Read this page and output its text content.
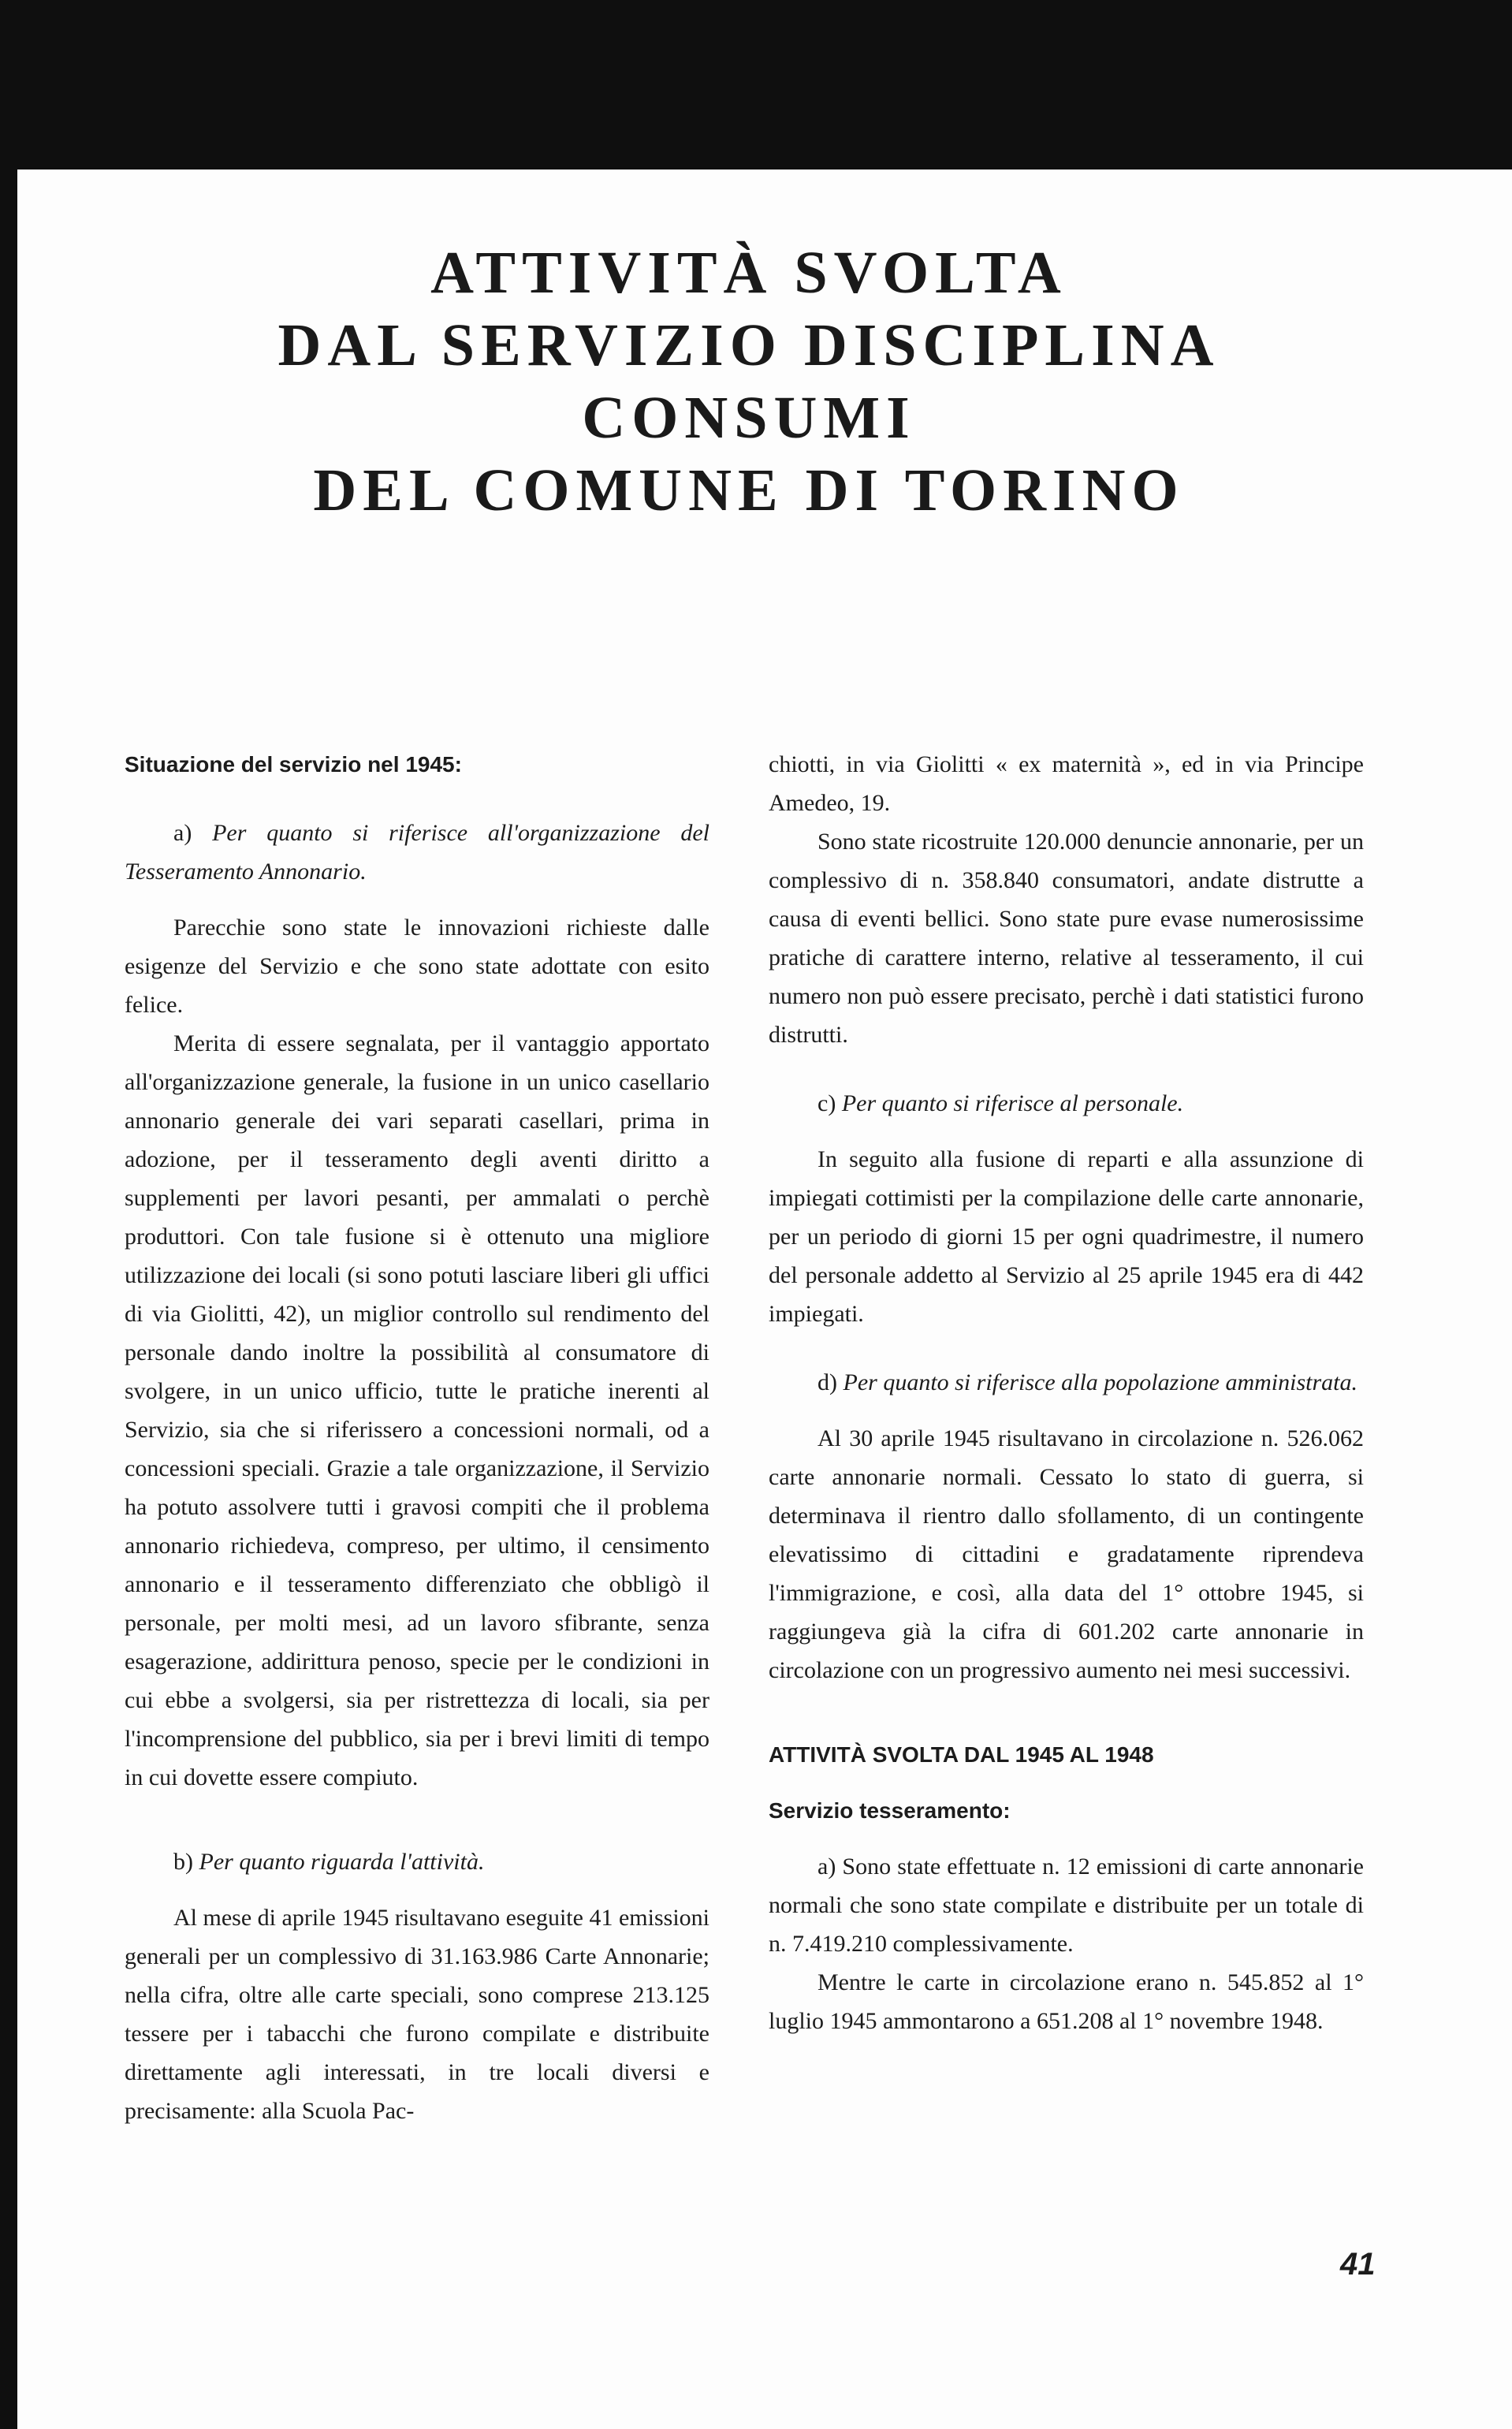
ATTIVITÀ SVOLTA
DAL SERVIZIO DISCIPLINA CONSUMI
DEL COMUNE DI TORINO

Situazione del servizio nel 1945:

a) Per quanto si riferisce all'organizzazione del Tesseramento Annonario.

Parecchie sono state le innovazioni richieste dalle esigenze del Servizio e che sono state adottate con esito felice.

Merita di essere segnalata, per il vantaggio apportato all'organizzazione generale, la fusione in un unico casellario annonario generale dei vari separati casellari, prima in adozione, per il tesseramento degli aventi diritto a supplementi per lavori pesanti, per ammalati o perchè produttori. Con tale fusione si è ottenuto una migliore utilizzazione dei locali (si sono potuti lasciare liberi gli uffici di via Giolitti, 42), un miglior controllo sul rendimento del personale dando inoltre la possibilità al consumatore di svolgere, in un unico ufficio, tutte le pratiche inerenti al Servizio, sia che si riferissero a concessioni normali, od a concessioni speciali. Grazie a tale organizzazione, il Servizio ha potuto assolvere tutti i gravosi compiti che il problema annonario richiedeva, compreso, per ultimo, il censimento annonario e il tesseramento differenziato che obbligò il personale, per molti mesi, ad un lavoro sfibrante, senza esagerazione, addirittura penoso, specie per le condizioni in cui ebbe a svolgersi, sia per ristrettezza di locali, sia per l'incomprensione del pubblico, sia per i brevi limiti di tempo in cui dovette essere compiuto.

b) Per quanto riguarda l'attività.

Al mese di aprile 1945 risultavano eseguite 41 emissioni generali per un complessivo di 31.163.986 Carte Annonarie; nella cifra, oltre alle carte speciali, sono comprese 213.125 tessere per i tabacchi che furono compilate e distribuite direttamente agli interessati, in tre locali diversi e precisamente: alla Scuola Pac-

chiotti, in via Giolitti « ex maternità », ed in via Principe Amedeo, 19.

Sono state ricostruite 120.000 denuncie annonarie, per un complessivo di n. 358.840 consumatori, andate distrutte a causa di eventi bellici. Sono state pure evase numerosissime pratiche di carattere interno, relative al tesseramento, il cui numero non può essere precisato, perchè i dati statistici furono distrutti.

c) Per quanto si riferisce al personale.

In seguito alla fusione di reparti e alla assunzione di impiegati cottimisti per la compilazione delle carte annonarie, per un periodo di giorni 15 per ogni quadrimestre, il numero del personale addetto al Servizio al 25 aprile 1945 era di 442 impiegati.

d) Per quanto si riferisce alla popolazione amministrata.

Al 30 aprile 1945 risultavano in circolazione n. 526.062 carte annonarie normali. Cessato lo stato di guerra, si determinava il rientro dallo sfollamento, di un contingente elevatissimo di cittadini e gradatamente riprendeva l'immigrazione, e così, alla data del 1° ottobre 1945, si raggiungeva già la cifra di 601.202 carte annonarie in circolazione con un progressivo aumento nei mesi successivi.

ATTIVITÀ SVOLTA DAL 1945 AL 1948

Servizio tesseramento:

a) Sono state effettuate n. 12 emissioni di carte annonarie normali che sono state compilate e distribuite per un totale di n. 7.419.210 complessivamente.

Mentre le carte in circolazione erano n. 545.852 al 1° luglio 1945 ammontarono a 651.208 al 1° novembre 1948.

41
